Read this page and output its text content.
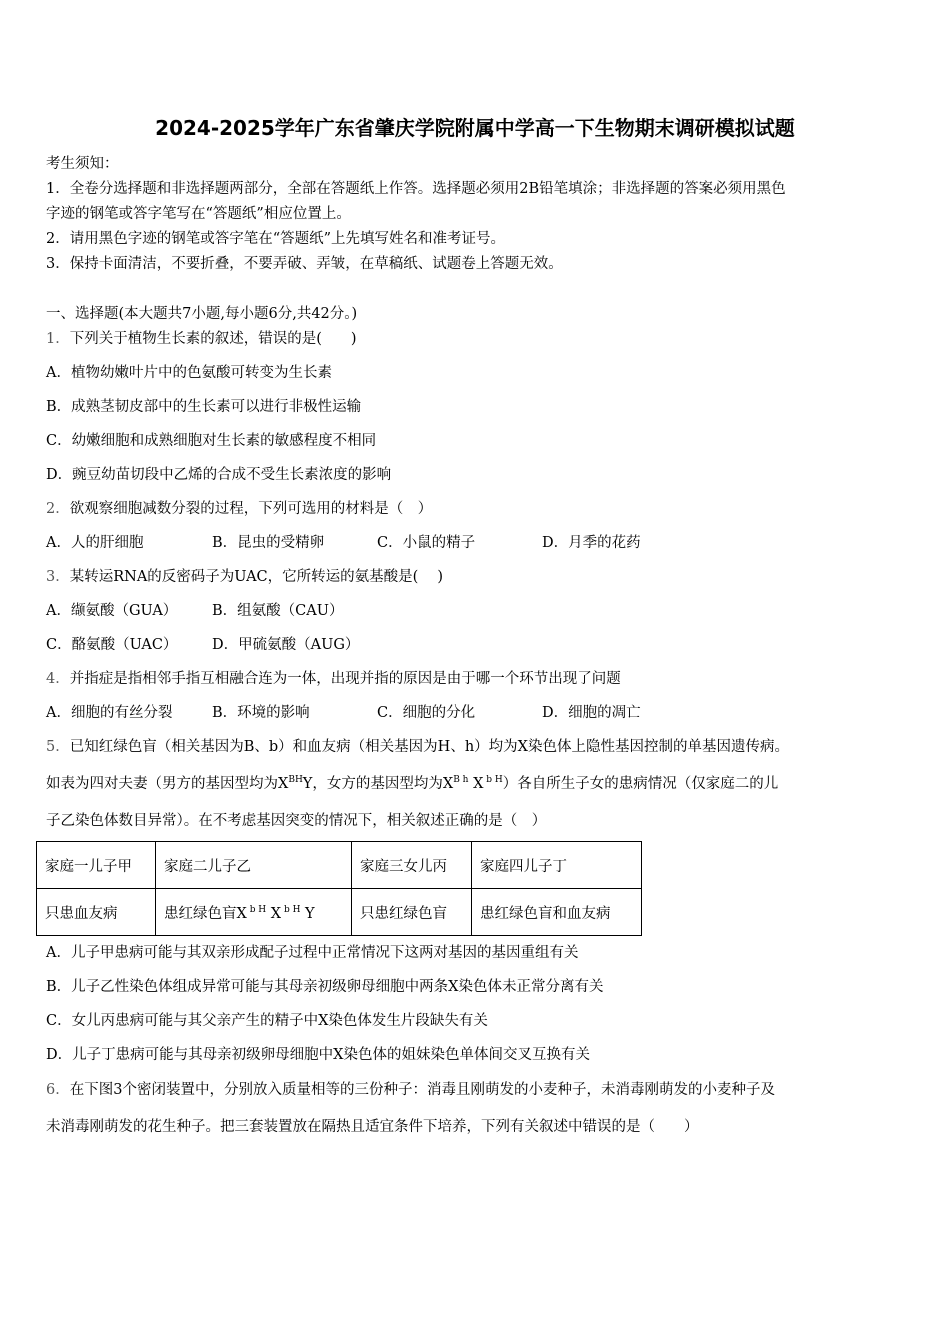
2024-2025学年广东省肇庆学院附属中学高一下生物期末调研模拟试题
考生须知：
1．全卷分选择题和非选择题两部分，全部在答题纸上作答。选择题必须用2B铅笔填涂；非选择题的答案必须用黑色
字迹的钢笔或答字笔写在“答题纸”相应位置上。
2．请用黑色字迹的钢笔或答字笔在“答题纸”上先填写姓名和准考证号。
3．保持卡面清洁，不要折叠，不要弄破、弄皱，在草稿纸、试题卷上答题无效。
一、选择题(本大题共7小题,每小题6分,共42分。)
1．下列关于植物生长素的叙述，错误的是(　　)
A．植物幼嫩叶片中的色氨酸可转变为生长素
B．成熟茎韧皮部中的生长素可以进行非极性运输
C．幼嫩细胞和成熟细胞对生长素的敏感程度不相同
D．豌豆幼苗切段中乙烯的合成不受生长素浓度的影响
2．欲观察细胞减数分裂的过程，下列可选用的材料是（　）
A．人的肝细胞	B．昆虫的受精卵	C．小鼠的精子	D．月季的花药
3．某转运RNA的反密码子为UAC，它所转运的氨基酸是(　 )
A．缬氨酸（GUA） B．组氨酸（CAU）
C．酪氨酸（UAC） D．甲硫氨酸（AUG）
4．并指症是指相邻手指互相融合连为一体，出现并指的原因是由于哪一个环节出现了问题
A．细胞的有丝分裂	B．环境的影响	C．细胞的分化	D．细胞的凋亡
5．已知红绿色盲（相关基因为B、b）和血友病（相关基因为H、h）均为X染色体上隐性基因控制的单基因遗传病。
如表为四对夫妻（男方的基因型均为$X^{BH}Y$，女方的基因型均为$X^{B h}$ X $^{b H}$）各自所生子女的患病情况（仅家庭二的儿
子乙染色体数目异常）。在不考虑基因突变的情况下，相关叙述正确的是（　）
家庭一儿子甲	家庭二儿子乙	家庭三女儿丙	家庭四儿子丁
只患血友病	患红绿色盲X $^{b H}$ X $^{b H}$ Y	只患红绿色盲	患红绿色盲和血友病
A．儿子甲患病可能与其双亲形成配子过程中正常情况下这两对基因的基因重组有关
B．儿子乙性染色体组成异常可能与其母亲初级卵母细胞中两条X染色体未正常分离有关
C．女儿丙患病可能与其父亲产生的精子中X染色体发生片段缺失有关
D．儿子丁患病可能与其母亲初级卵母细胞中X染色体的姐妹染色单体间交叉互换有关
6．在下图3个密闭装置中，分别放入质量相等的三份种子：消毒且刚萌发的小麦种子，未消毒刚萌发的小麦种子及
未消毒刚萌发的花生种子。把三套装置放在隔热且适宜条件下培养，下列有关叙述中错误的是（　　）
